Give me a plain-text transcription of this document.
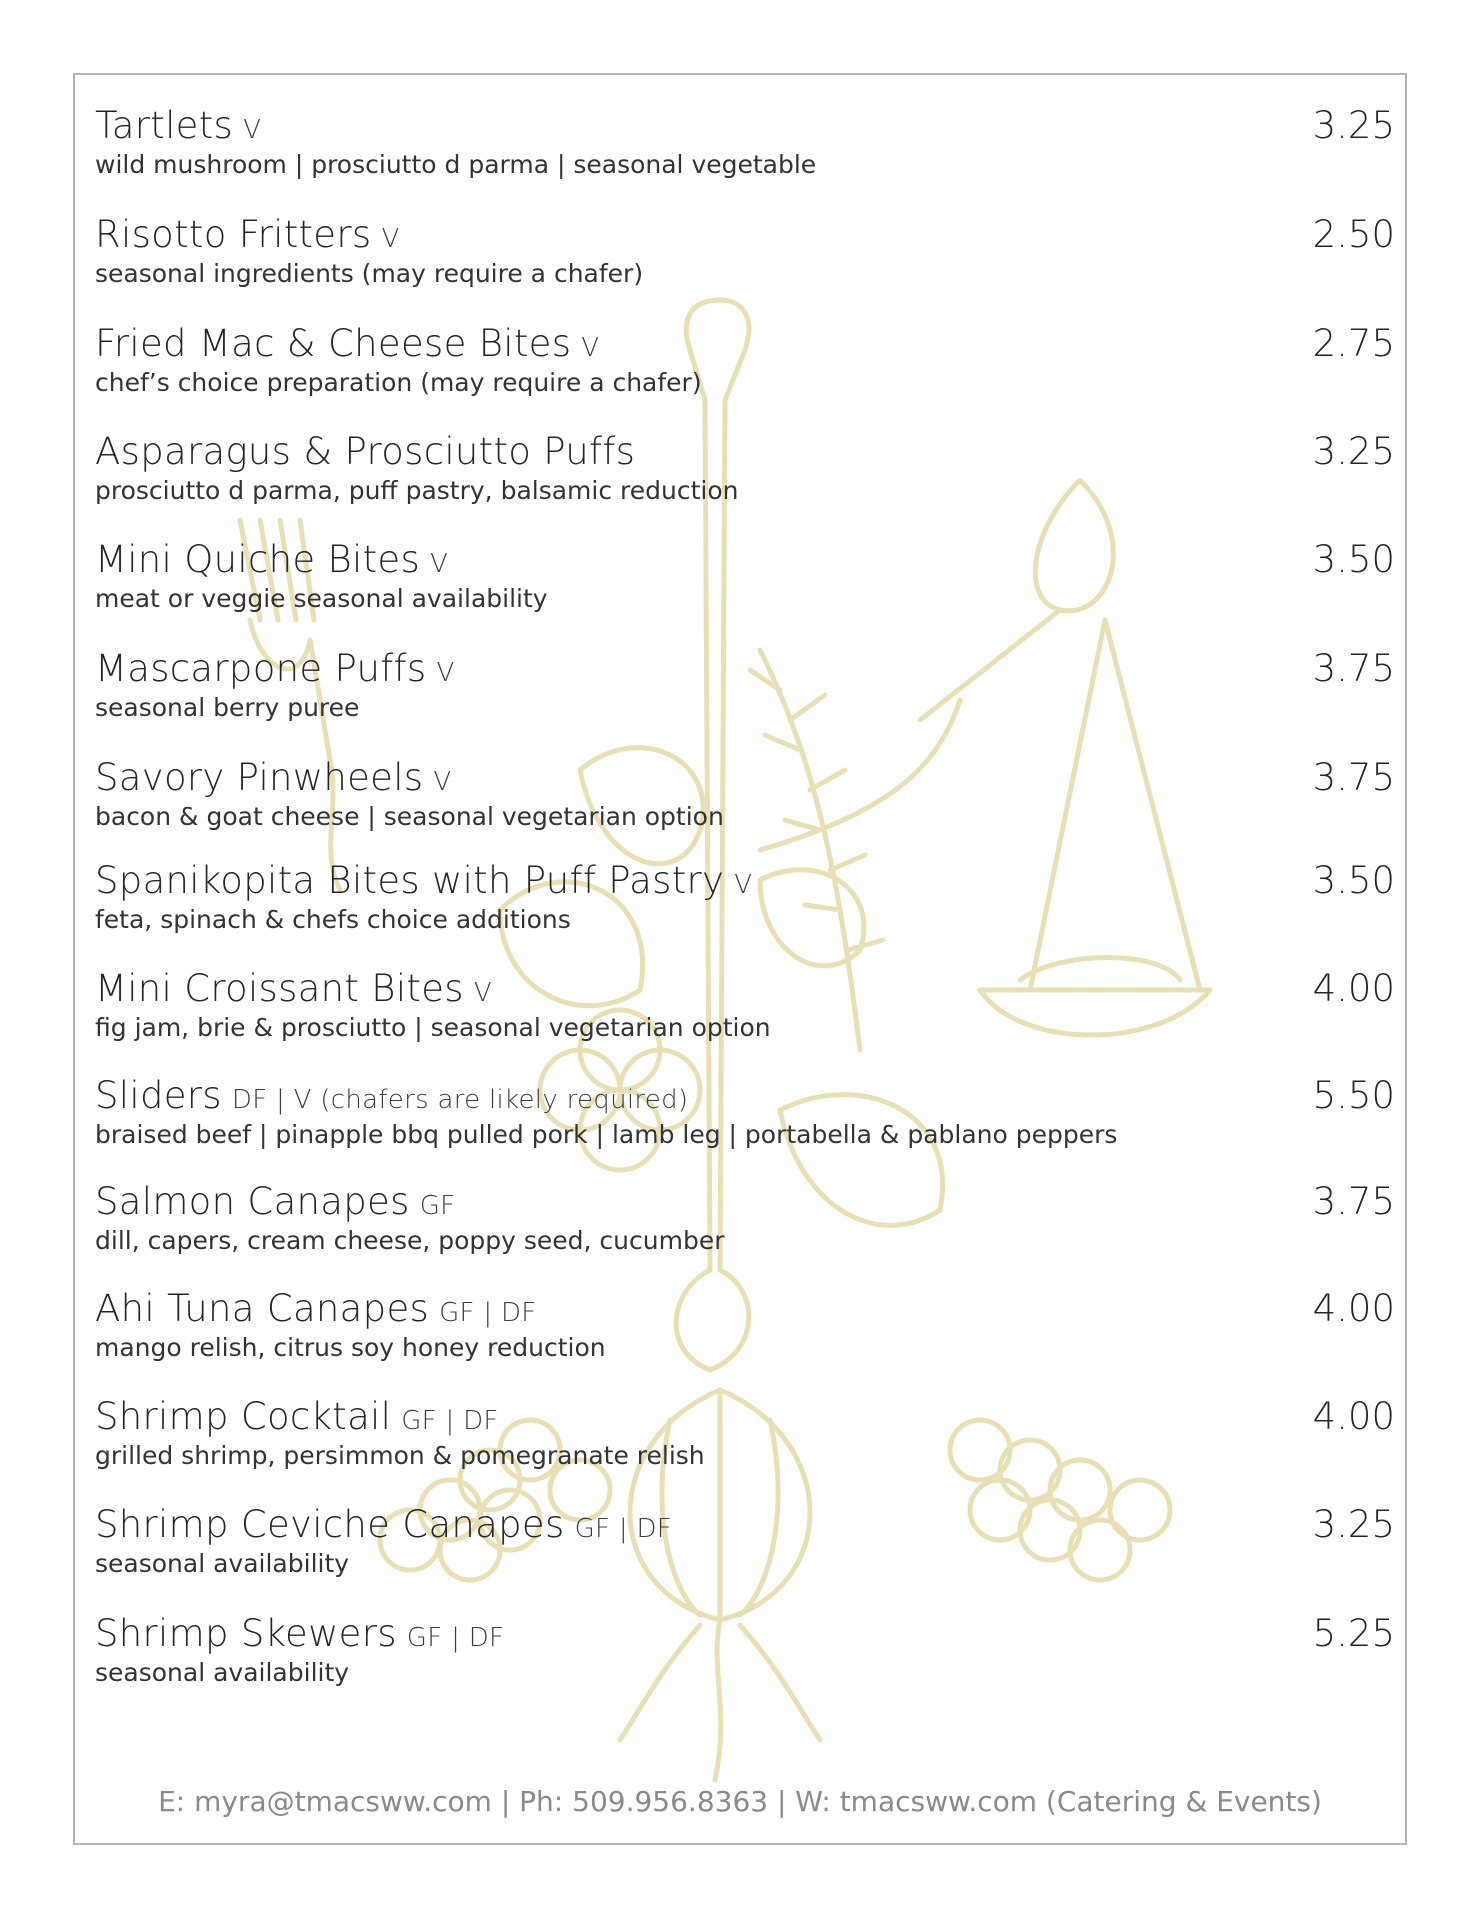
Tartlets V
wild mushroom | prosciutto d parma | seasonal vegetable
3.25
Risotto Fritters V
seasonal ingredients (may require a chafer)
2.50
Fried Mac & Cheese Bites V
chef’s choice preparation (may require a chafer)
2.75
Asparagus & Prosciutto Puffs
prosciutto d parma, puff pastry, balsamic reduction
3.25
Mini Quiche Bites V
meat or veggie seasonal availability
3.50
Mascarpone Puffs V
seasonal berry puree
3.75
Savory Pinwheels V
bacon & goat cheese | seasonal vegetarian option
3.75
Spanikopita Bites with Puff Pastry V
feta, spinach & chefs choice additions
3.50
Mini Croissant Bites V
fig jam, brie & prosciutto | seasonal vegetarian option
4.00
Sliders DF | V (chafers are likely required)
braised beef | pinapple bbq pulled pork | lamb leg | portabella & pablano peppers
5.50
Salmon Canapes GF
dill, capers, cream cheese, poppy seed, cucumber
3.75
Ahi Tuna Canapes GF | DF
mango relish, citrus soy honey reduction
4.00
Shrimp Cocktail GF | DF
grilled shrimp, persimmon & pomegranate relish
4.00
Shrimp Ceviche Canapes GF | DF
seasonal availability
3.25
Shrimp Skewers GF | DF
seasonal availability
5.25
E: myra@tmacsww.com | Ph: 509.956.8363 | W: tmacsww.com (Catering & Events)
